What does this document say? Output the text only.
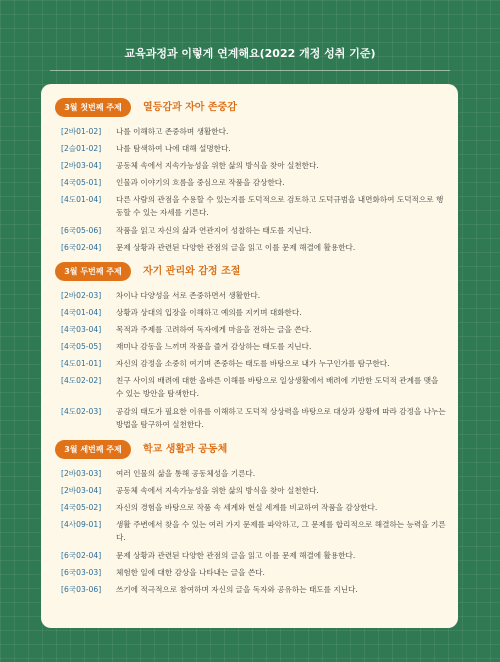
교육과정과 이렇게 연계해요(2022 개정 성취 기준)
3월 첫번째 주제	열등감과 자아 존중감
[2바01-02] 나를 이해하고 존중하며 생활한다.
[2슬01-02] 나를 탐색하여 나에 대해 설명한다.
[2바03-04] 공동체 속에서 지속가능성을 위한 삶의 방식을 찾아 실천한다.
[4국05-01] 인물과 이야기의 흐름을 중심으로 작품을 감상한다.
[4도01-04] 다른 사람의 관점을 수용할 수 있는지를 도덕적으로 검토하고 도덕규범을 내면화하여 도덕적으로 행동할 수 있는 자세를 기른다.
[6국05-06] 작품을 읽고 자신의 삶과 연관지어 성찰하는 태도를 지닌다.
[6국02-04] 문제 상황과 관련된 다양한 관점의 글을 읽고 이를 문제 해결에 활용한다.
3월 두번째 주제	자기 관리와 감정 조절
[2바02-03] 차이나 다양성을 서로 존중하면서 생활한다.
[4국01-04] 상황과 상대의 입장을 이해하고 예의를 지키며 대화한다.
[4국03-04] 목적과 주제를 고려하여 독자에게 마음을 전하는 글을 쓴다.
[4국05-05] 재미나 감동을 느끼며 작품을 즐겨 감상하는 태도를 지닌다.
[4도01-01] 자신의 감정을 소중히 여기며 존중하는 태도를 바탕으로 내가 누구인가를 탐구한다.
[4도02-02] 친구 사이의 배려에 대한 올바른 이해를 바탕으로 일상생활에서 배려에 기반한 도덕적 관계를 맺을 수 있는 방안을 탐색한다.
[4도02-03] 공감의 태도가 필요한 이유를 이해하고 도덕적 상상력을 바탕으로 대상과 상황에 따라 감정을 나누는 방법을 탐구하여 실천한다.
3월 세번째 주제	학교 생활과 공동체
[2바03-03] 여러 인물의 삶을 통해 공동체성을 기른다.
[2바03-04] 공동체 속에서 지속가능성을 위한 삶의 방식을 찾아 실천한다.
[4국05-02] 자신의 경험을 바탕으로 작품 속 세계와 현실 세계를 비교하여 작품을 감상한다.
[4사09-01] 생활 주변에서 찾을 수 있는 여러 가지 문제를 파악하고, 그 문제를 합리적으로 해결하는 능력을 기른다.
[6국02-04] 문제 상황과 관련된 다양한 관점의 글을 읽고 이를 문제 해결에 활용한다.
[6국03-03] 체험한 일에 대한 감상을 나타내는 글을 쓴다.
[6국03-06] 쓰기에 적극적으로 참여하며 자신의 글을 독자와 공유하는 태도를 지닌다.
